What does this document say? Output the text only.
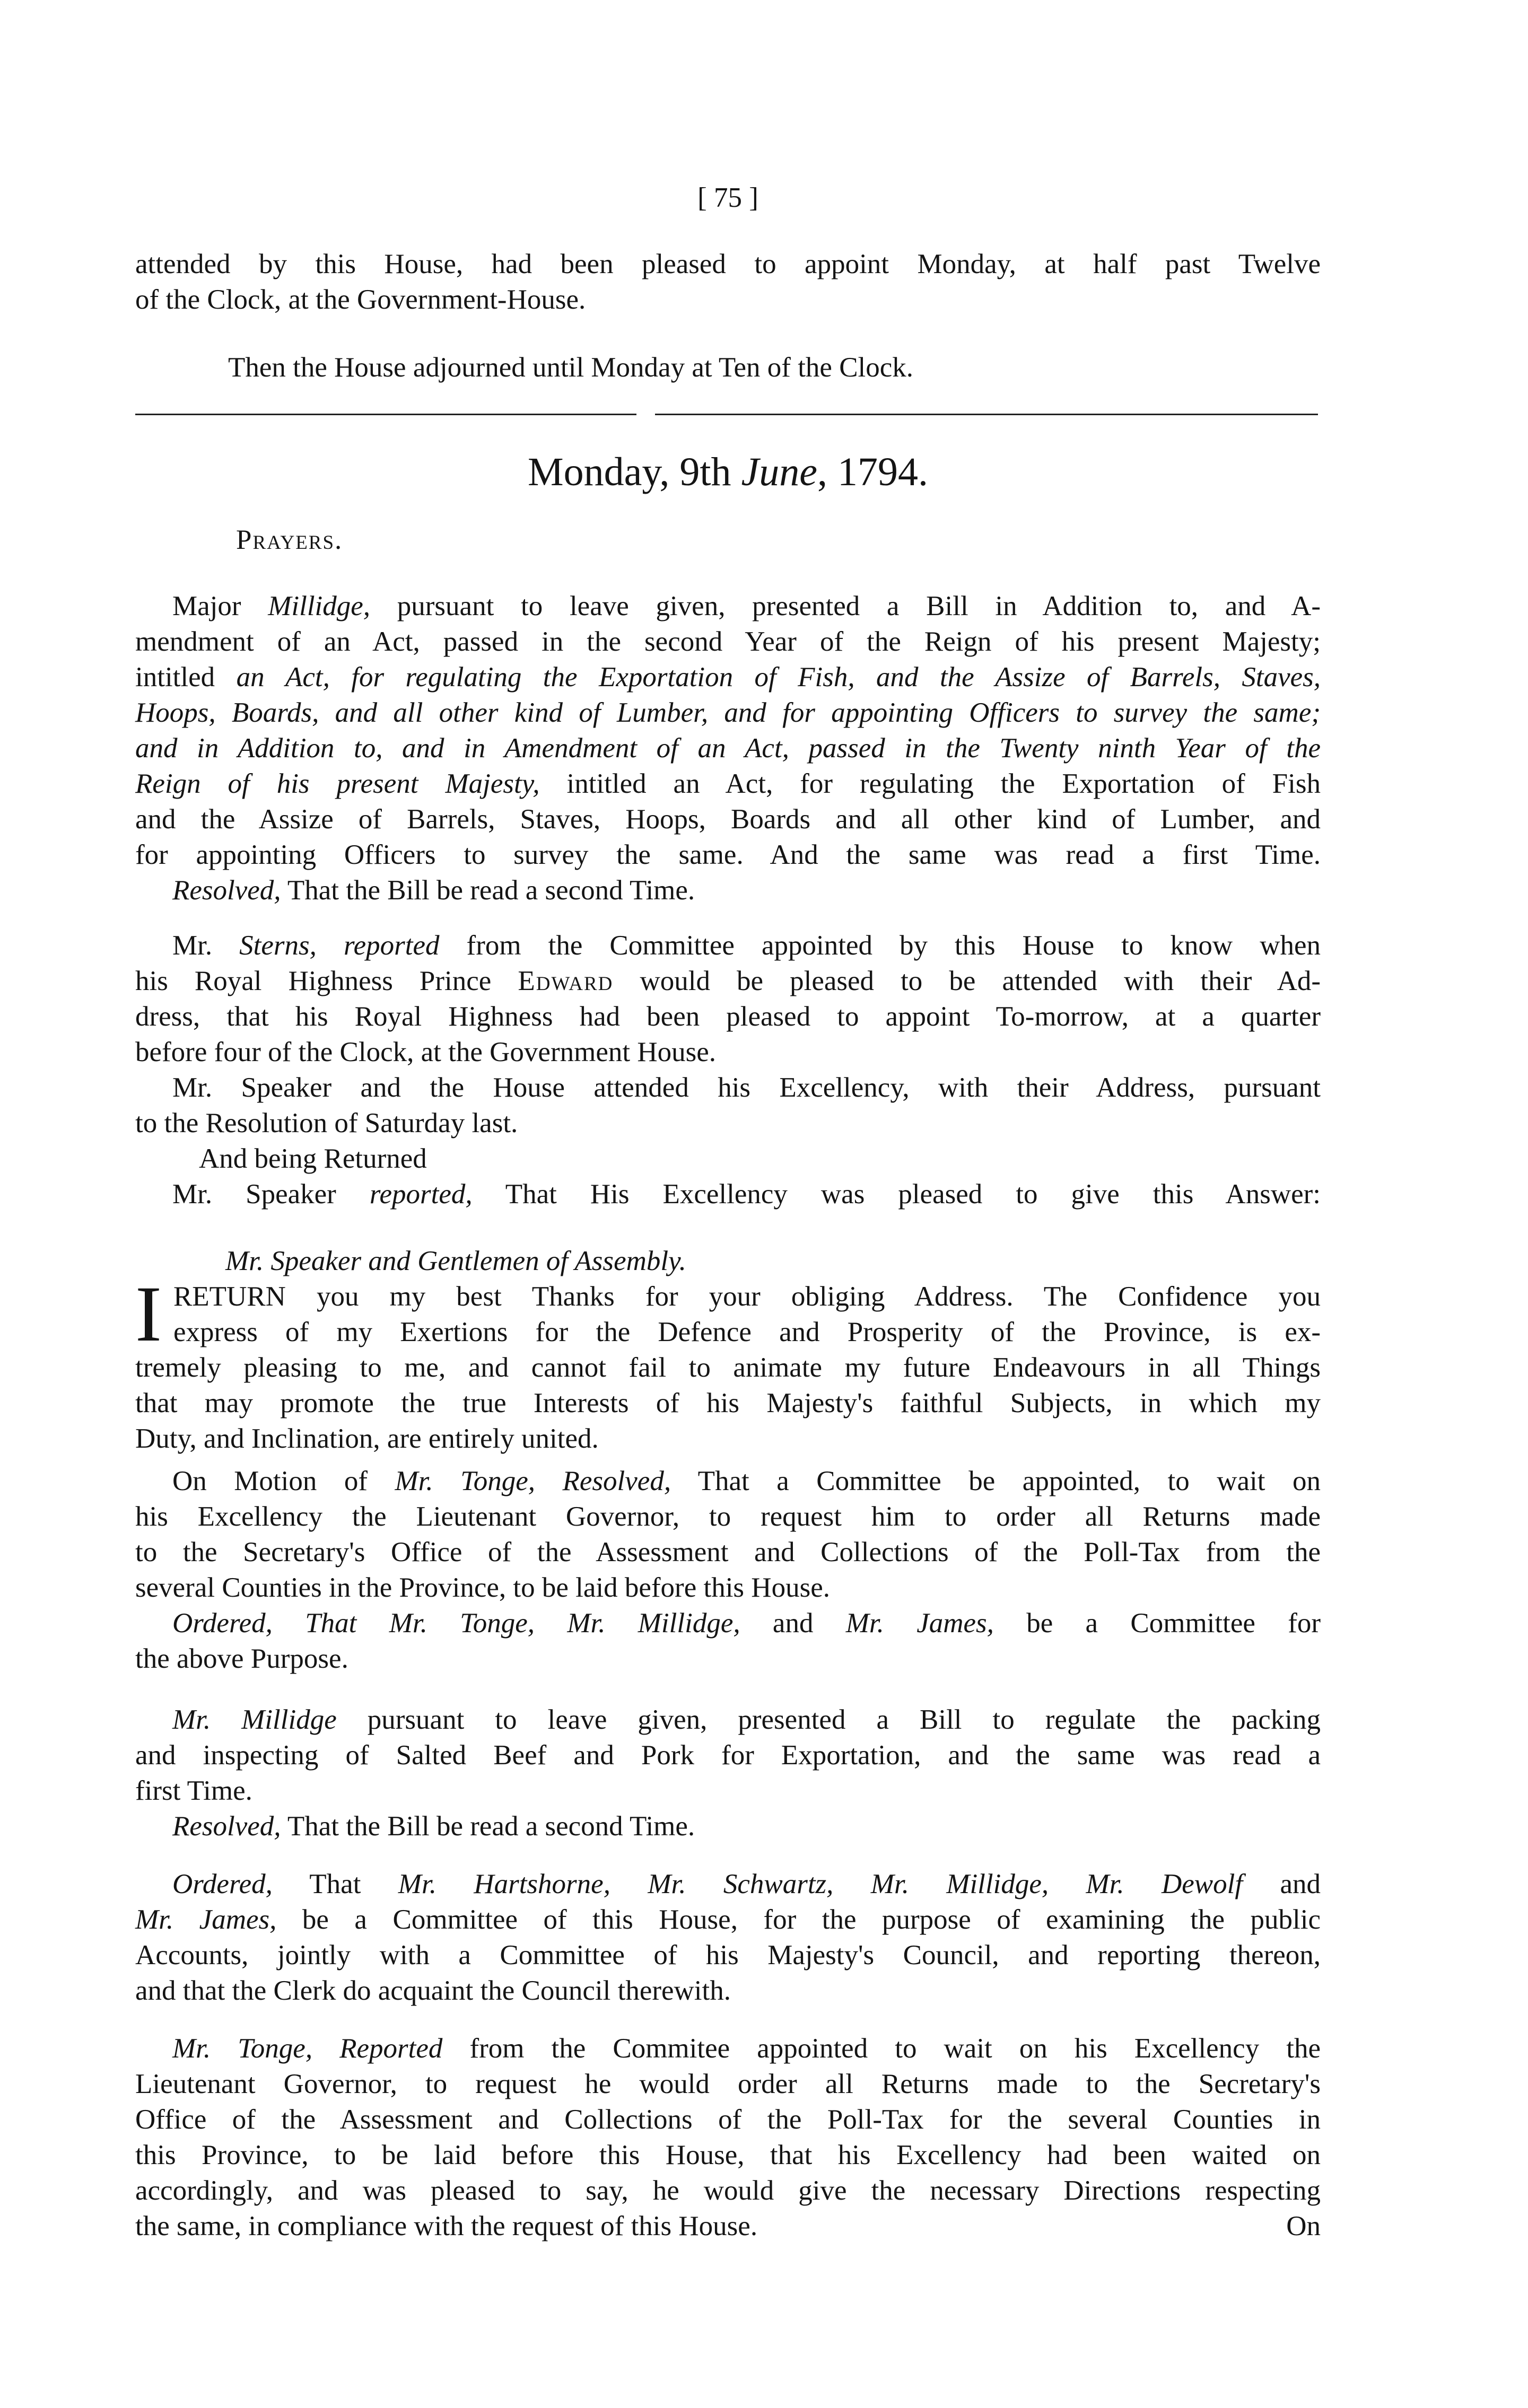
[ 75 ]

attended by this House, had been pleased to appoint Monday, at half past Twelve

of the Clock, at the Government-House.

Then the House adjourned until Monday at Ten of the Clock.

Monday, 9th June, 1794.

Prayers.

Major Millidge, pursuant to leave given, presented a Bill in Addition to, and A-

mendment of an Act, passed in the second Year of the Reign of his present Majesty;

intitled an Act, for regulating the Exportation of Fish, and the Assize of Barrels, Staves,

Hoops, Boards, and all other kind of Lumber, and for appointing Officers to survey the same;

and in Addition to, and in Amendment of an Act, passed in the Twenty ninth Year of the

Reign of his present Majesty, intitled an Act, for regulating the Exportation of Fish

and the Assize of Barrels, Staves, Hoops, Boards and all other kind of Lumber, and

for appointing Officers to survey the same. And the same was read a first Time.

Resolved, That the Bill be read a second Time.

Mr. Sterns, reported from the Committee appointed by this House to know when

his Royal Highness Prince Edward would be pleased to be attended with their Ad-

dress, that his Royal Highness had been pleased to appoint To-morrow, at a quarter

before four of the Clock, at the Government House.

Mr. Speaker and the House attended his Excellency, with their Address, pursuant

to the Resolution of Saturday last.

And being Returned

Mr. Speaker reported, That His Excellency was pleased to give this Answer:

Mr. Speaker and Gentlemen of Assembly.

I RETURN you my best Thanks for your obliging Address. The Confidence you

express of my Exertions for the Defence and Prosperity of the Province, is ex-

tremely pleasing to me, and cannot fail to animate my future Endeavours in all Things

that may promote the true Interests of his Majesty's faithful Subjects, in which my

Duty, and Inclination, are entirely united.

On Motion of Mr. Tonge, Resolved, That a Committee be appointed, to wait on

his Excellency the Lieutenant Governor, to request him to order all Returns made

to the Secretary's Office of the Assessment and Collections of the Poll-Tax from the

several Counties in the Province, to be laid before this House.

Ordered, That Mr. Tonge, Mr. Millidge, and Mr. James, be a Committee for

the above Purpose.

Mr. Millidge pursuant to leave given, presented a Bill to regulate the packing

and inspecting of Salted Beef and Pork for Exportation, and the same was read a

first Time.

Resolved, That the Bill be read a second Time.

Ordered, That Mr. Hartshorne, Mr. Schwartz, Mr. Millidge, Mr. Dewolf and

Mr. James, be a Committee of this House, for the purpose of examining the public

Accounts, jointly with a Committee of his Majesty's Council, and reporting thereon,

and that the Clerk do acquaint the Council therewith.

Mr. Tonge, Reported from the Commitee appointed to wait on his Excellency the

Lieutenant Governor, to request he would order all Returns made to the Secretary's

Office of the Assessment and Collections of the Poll-Tax for the several Counties in

this Province, to be laid before this House, that his Excellency had been waited on

accordingly, and was pleased to say, he would give the necessary Directions respecting

the same, in compliance with the request of this House.	On
